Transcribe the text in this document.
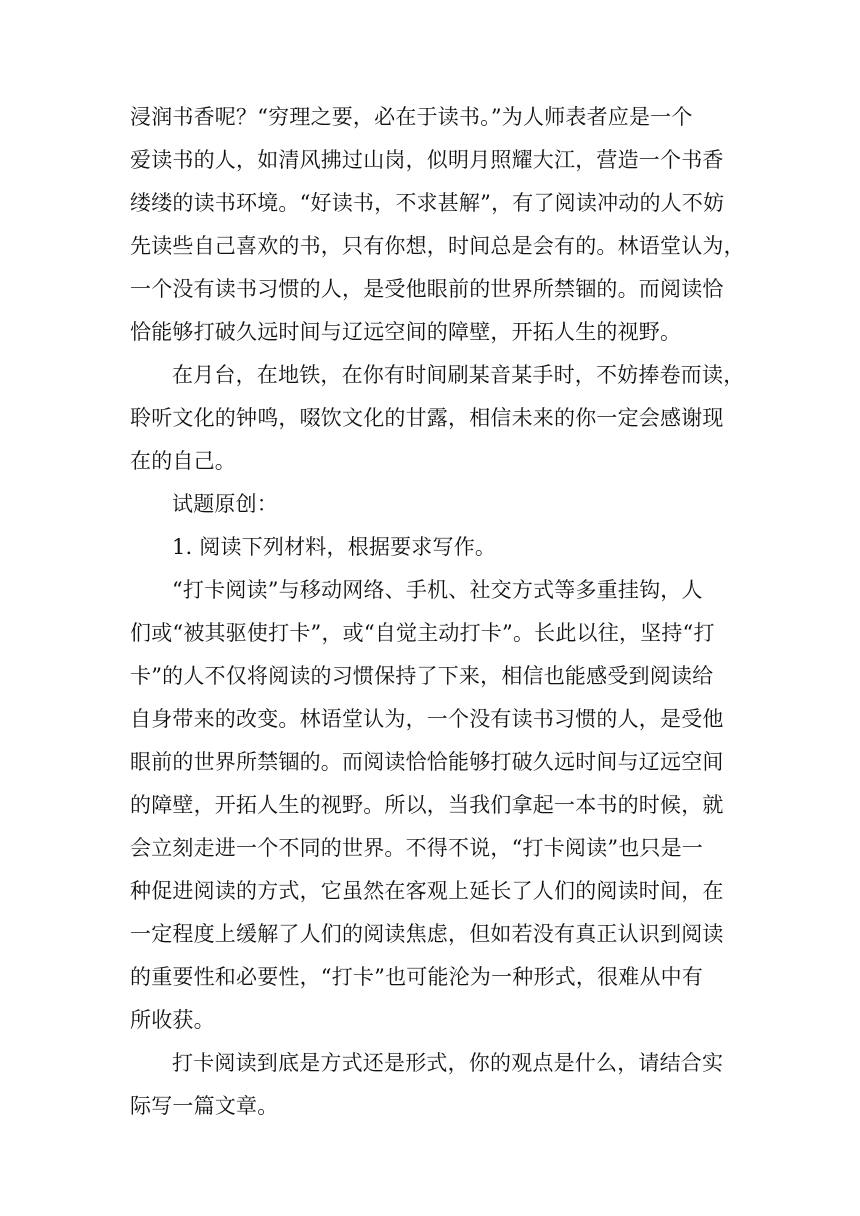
浸润书香呢？“穷理之要，必在于读书。”为人师表者应是一个
爱读书的人，如清风拂过山岗，似明月照耀大江，营造一个书香
缕缕的读书环境。“好读书，不求甚解”，有了阅读冲动的人不妨
先读些自己喜欢的书，只有你想，时间总是会有的。林语堂认为，
一个没有读书习惯的人，是受他眼前的世界所禁锢的。而阅读恰
恰能够打破久远时间与辽远空间的障壁，开拓人生的视野。
在月台，在地铁，在你有时间刷某音某手时，不妨捧卷而读，
聆听文化的钟鸣，啜饮文化的甘露，相信未来的你一定会感谢现
在的自己。
试题原创：
1. 阅读下列材料，根据要求写作。
“打卡阅读”与移动网络、手机、社交方式等多重挂钩，人
们或“被其驱使打卡”，或“自觉主动打卡”。长此以往，坚持“打
卡”的人不仅将阅读的习惯保持了下来，相信也能感受到阅读给
自身带来的改变。林语堂认为，一个没有读书习惯的人，是受他
眼前的世界所禁锢的。而阅读恰恰能够打破久远时间与辽远空间
的障壁，开拓人生的视野。所以，当我们拿起一本书的时候，就
会立刻走进一个不同的世界。不得不说，“打卡阅读”也只是一
种促进阅读的方式，它虽然在客观上延长了人们的阅读时间，在
一定程度上缓解了人们的阅读焦虑，但如若没有真正认识到阅读
的重要性和必要性，“打卡”也可能沦为一种形式，很难从中有
所收获。
打卡阅读到底是方式还是形式，你的观点是什么，请结合实
际写一篇文章。
